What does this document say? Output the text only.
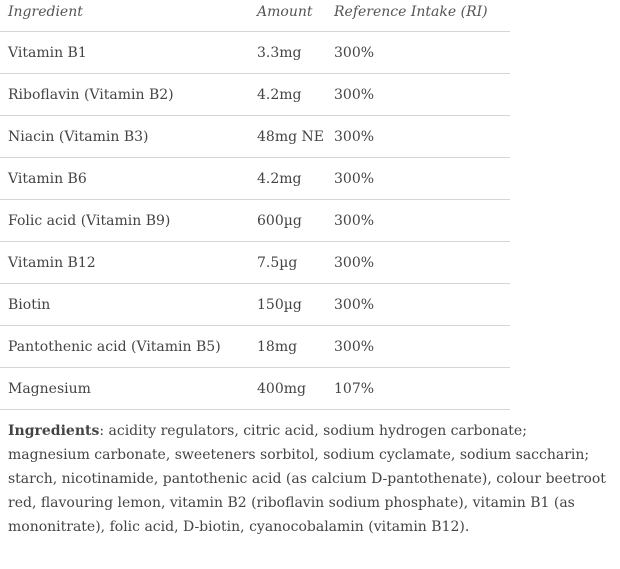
Ingredient	Amount	Reference Intake (RI)
Vitamin B1	3.3mg	300%
Riboflavin (Vitamin B2)	4.2mg	300%
Niacin (Vitamin B3)	48mg NE	300%
Vitamin B6	4.2mg	300%
Folic acid (Vitamin B9)	600µg	300%
Vitamin B12	7.5µg	300%
Biotin	150µg	300%
Pantothenic acid (Vitamin B5)	18mg	300%
Magnesium	400mg	107%

Ingredients: acidity regulators, citric acid, sodium hydrogen carbonate; magnesium carbonate, sweeteners sorbitol, sodium cyclamate, sodium saccharin; starch, nicotinamide, pantothenic acid (as calcium D-pantothenate), colour beetroot red, flavouring lemon, vitamin B2 (riboflavin sodium phosphate), vitamin B1 (as mononitrate), folic acid, D-biotin, cyanocobalamin (vitamin B12).
